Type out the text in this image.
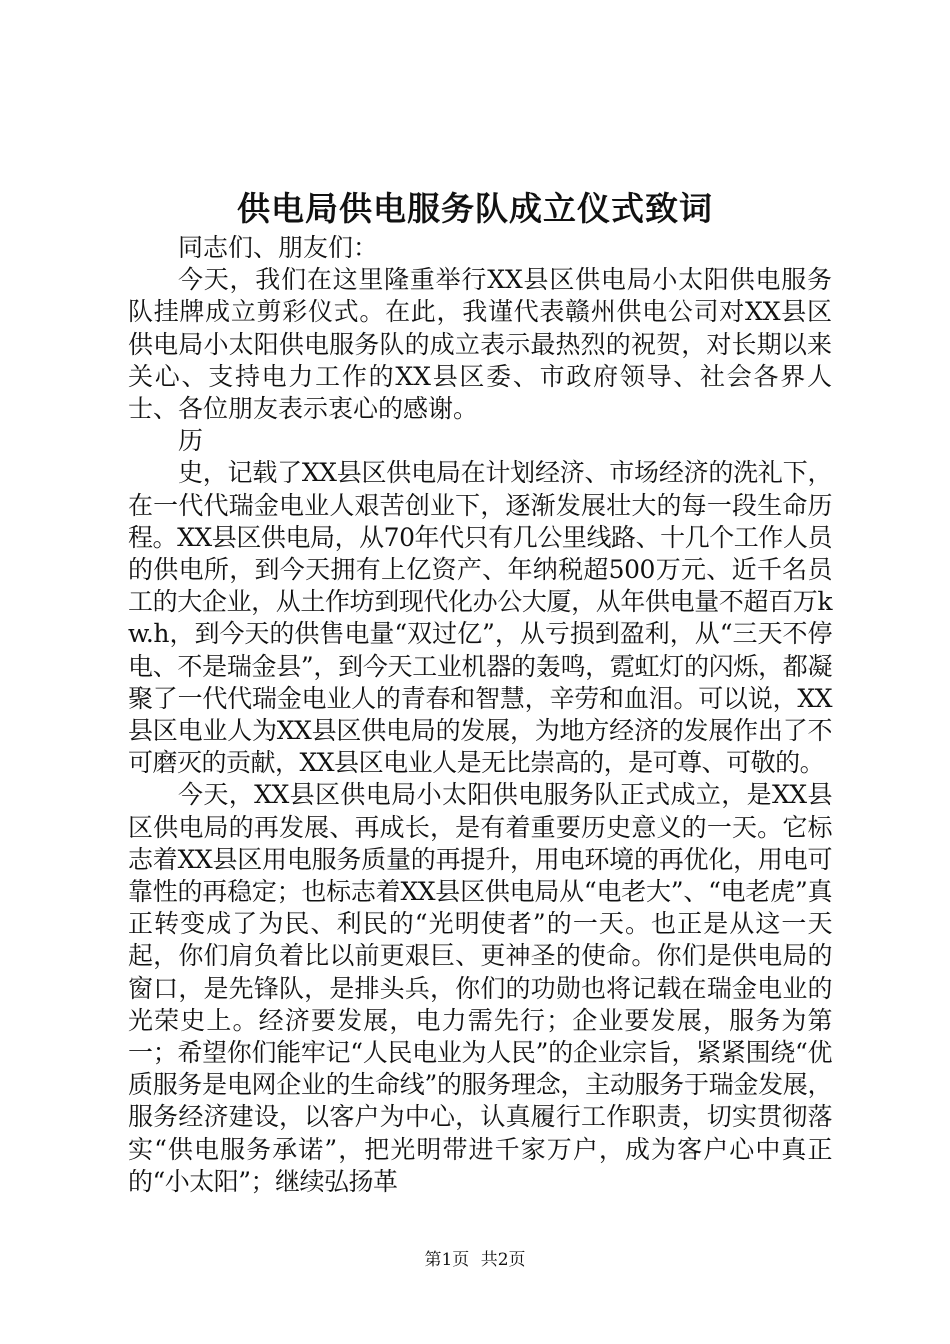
供电局供电服务队成立仪式致词

同志们、朋友们：

今天，我们在这里隆重举行XX县区供电局小太阳供电服务队挂牌成立剪彩仪式。在此，我谨代表赣州供电公司对XX县区供电局小太阳供电服务队的成立表示最热烈的祝贺，对长期以来关心、支持电力工作的XX县区委、市政府领导、社会各界人士、各位朋友表示衷心的感谢。

历

史，记载了XX县区供电局在计划经济、市场经济的洗礼下，在一代代瑞金电业人艰苦创业下，逐渐发展壮大的每一段生命历程。XX县区供电局，从70年代只有几公里线路、十几个工作人员的供电所，到今天拥有上亿资产、年纳税超500万元、近千名员工的大企业，从土作坊到现代化办公大厦，从年供电量不超百万kw.h，到今天的供售电量“双过亿”，从亏损到盈利，从“三天不停电、不是瑞金县”，到今天工业机器的轰鸣，霓虹灯的闪烁，都凝聚了一代代瑞金电业人的青春和智慧，辛劳和血泪。可以说，XX县区电业人为XX县区供电局的发展，为地方经济的发展作出了不可磨灭的贡献，XX县区电业人是无比崇高的，是可尊、可敬的。

今天，XX县区供电局小太阳供电服务队正式成立，是XX县区供电局的再发展、再成长，是有着重要历史意义的一天。它标志着XX县区用电服务质量的再提升，用电环境的再优化，用电可靠性的再稳定；也标志着XX县区供电局从“电老大”、“电老虎”真正转变成了为民、利民的“光明使者”的一天。也正是从这一天起，你们肩负着比以前更艰巨、更神圣的使命。你们是供电局的窗口，是先锋队，是排头兵，你们的功勋也将记载在瑞金电业的光荣史上。经济要发展，电力需先行；企业要发展，服务为第一；希望你们能牢记“人民电业为人民”的企业宗旨，紧紧围绕“优质服务是电网企业的生命线”的服务理念，主动服务于瑞金发展，服务经济建设，以客户为中心，认真履行工作职责，切实贯彻落实“供电服务承诺”，把光明带进千家万户，成为客户心中真正的“小太阳”；继续弘扬革

第1页 共2页
